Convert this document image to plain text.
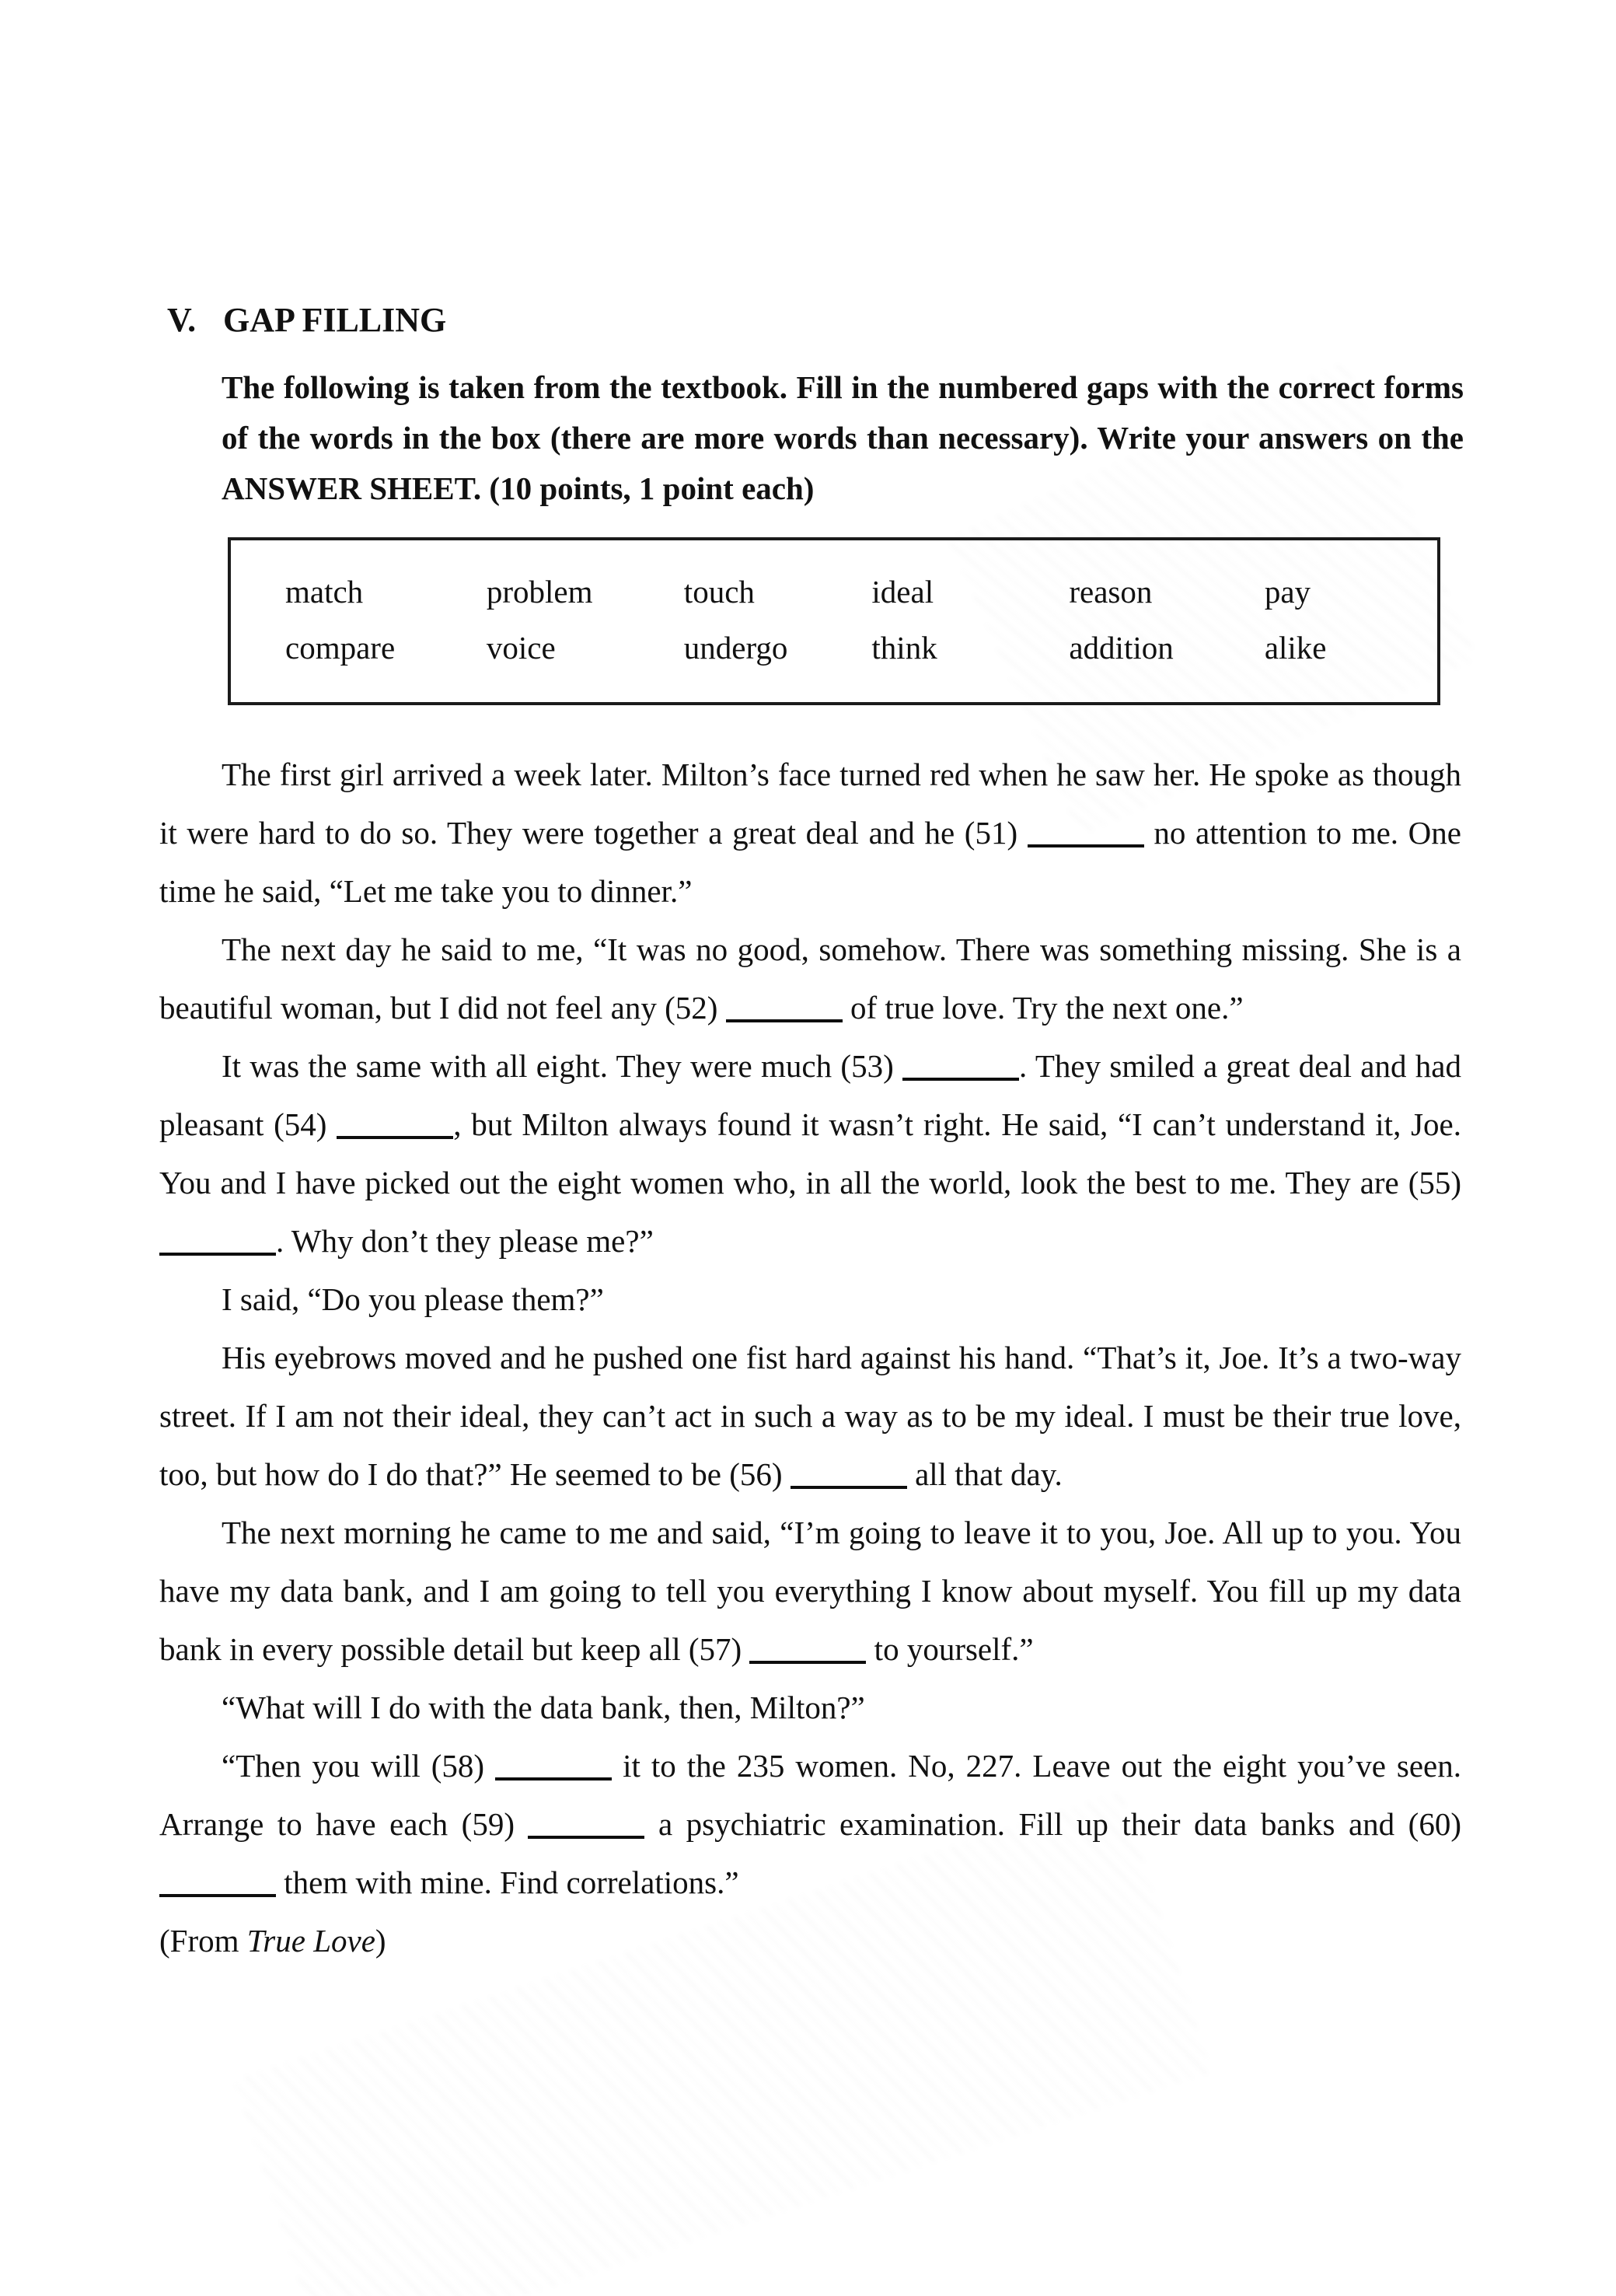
V. GAP FILLING
The following is taken from the textbook. Fill in the numbered gaps with the correct forms of the words in the box (there are more words than necessary). Write your answers on the ANSWER SHEET. (10 points, 1 point each)
match	problem	touch	ideal	reason	pay
compare	voice	undergo	think	addition	alike

The first girl arrived a week later. Milton’s face turned red when he saw her. He spoke as though it were hard to do so. They were together a great deal and he (51)	no attention to me. One time he said, “Let me take you to dinner.”

The next day he said to me, “It was no good, somehow. There was something missing. She is a beautiful woman, but I did not feel any (52)	of true love. Try the next one.”

It was the same with all eight. They were much (53)	. They smiled a great deal and had pleasant (54)	, but Milton always found it wasn’t right. He said, “I can’t understand it, Joe. You and I have picked out the eight women who, in all the world, look the best to me. They are (55) . Why don’t they please me?”

I said, “Do you please them?”

His eyebrows moved and he pushed one fist hard against his hand. “That’s it, Joe. It’s a two-way street. If I am not their ideal, they can’t act in such a way as to be my ideal. I must be their true love, too, but how do I do that?” He seemed to be (56)	all that day.

The next morning he came to me and said, “I’m going to leave it to you, Joe. All up to you. You have my data bank, and I am going to tell you everything I know about myself. You fill up my data bank in every possible detail but keep all (57)	to yourself.”

“What will I do with the data bank, then, Milton?”

“Then you will (58)	it to the 235 women. No, 227. Leave out the eight you’ve seen. Arrange to have each (59)	a psychiatric examination. Fill up their data banks and (60)  them with mine. Find correlations.”

(From True Love)
